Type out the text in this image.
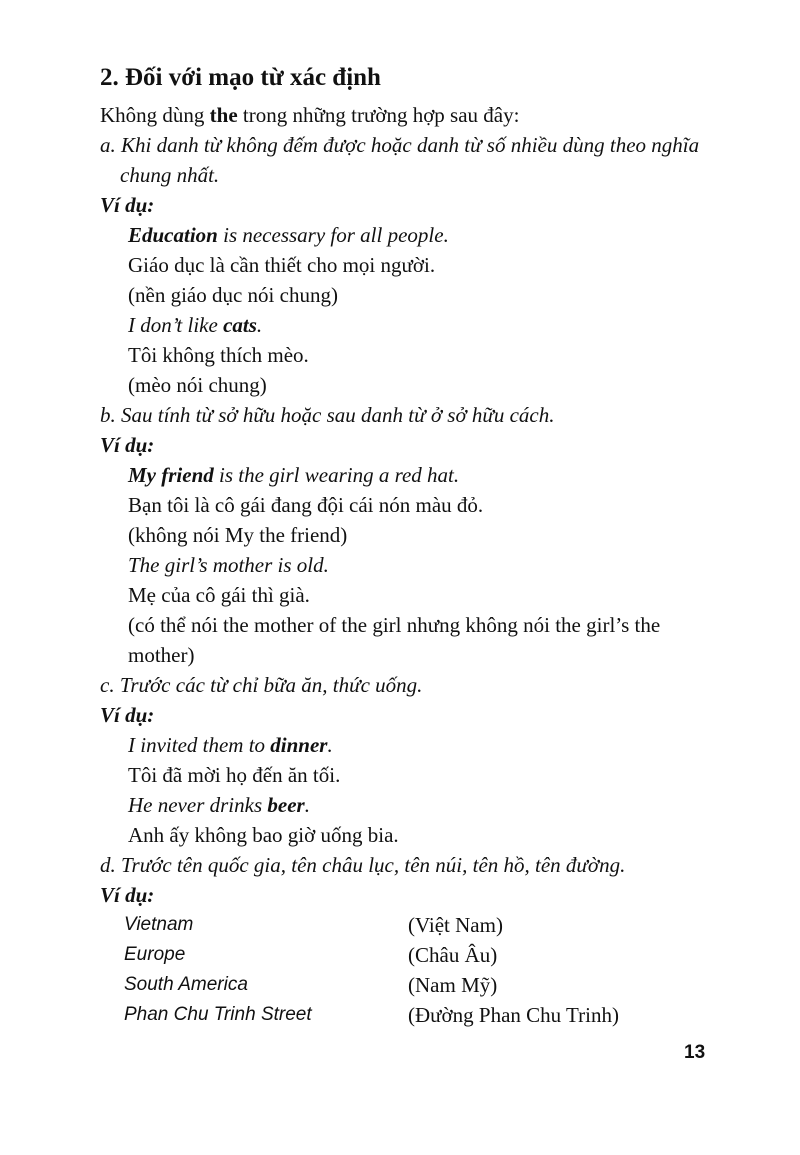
2. Đối với mạo từ xác định
Không dùng the trong những trường hợp sau đây:
a. Khi danh từ không đếm được hoặc danh từ số nhiều dùng theo nghĩa chung nhất.
Ví dụ:
Education is necessary for all people.
Giáo dục là cần thiết cho mọi người.
(nền giáo dục nói chung)
I don’t like cats.
Tôi không thích mèo.
(mèo nói chung)
b. Sau tính từ sở hữu hoặc sau danh từ ở sở hữu cách.
Ví dụ:
My friend is the girl wearing a red hat.
Bạn tôi là cô gái đang đội cái nón màu đỏ.
(không nói My the friend)
The girl’s mother is old.
Mẹ của cô gái thì già.
(có thể nói the mother of the girl nhưng không nói the girl’s the mother)
c. Trước các từ chỉ bữa ăn, thức uống.
Ví dụ:
I invited them to dinner.
Tôi đã mời họ đến ăn tối.
He never drinks beer.
Anh ấy không bao giờ uống bia.
d. Trước tên quốc gia, tên châu lục, tên núi, tên hồ, tên đường.
Ví dụ:
Vietnam	(Việt Nam)
Europe	(Châu Âu)
South America	(Nam Mỹ)
Phan Chu Trinh Street	(Đường Phan Chu Trinh)
13
